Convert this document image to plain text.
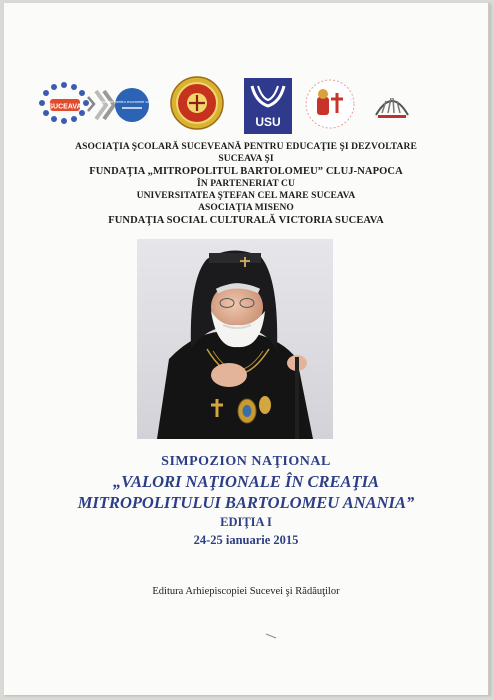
SUCEAVA
educaţie pentru economie competitivă
USU
ASOCIAŢIA ŞCOLARĂ SUCEVEANĂ PENTRU EDUCAŢIE ŞI DEZVOLTARE
SUCEAVA ŞI
FUNDAŢIA „MITROPOLITUL BARTOLOMEU” CLUJ-NAPOCA
ÎN PARTENERIAT CU
UNIVERSITATEA ŞTEFAN CEL MARE SUCEAVA
ASOCIAŢIA MISENO
FUNDAŢIA SOCIAL CULTURALĂ VICTORIA SUCEAVA
SIMPOZION NAŢIONAL
„VALORI NAŢIONALE ÎN CREAŢIA
MITROPOLITULUI BARTOLOMEU ANANIA”
EDIŢIA I
24-25 ianuarie 2015
Editura Arhiepiscopiei Sucevei şi Rădăuţilor
